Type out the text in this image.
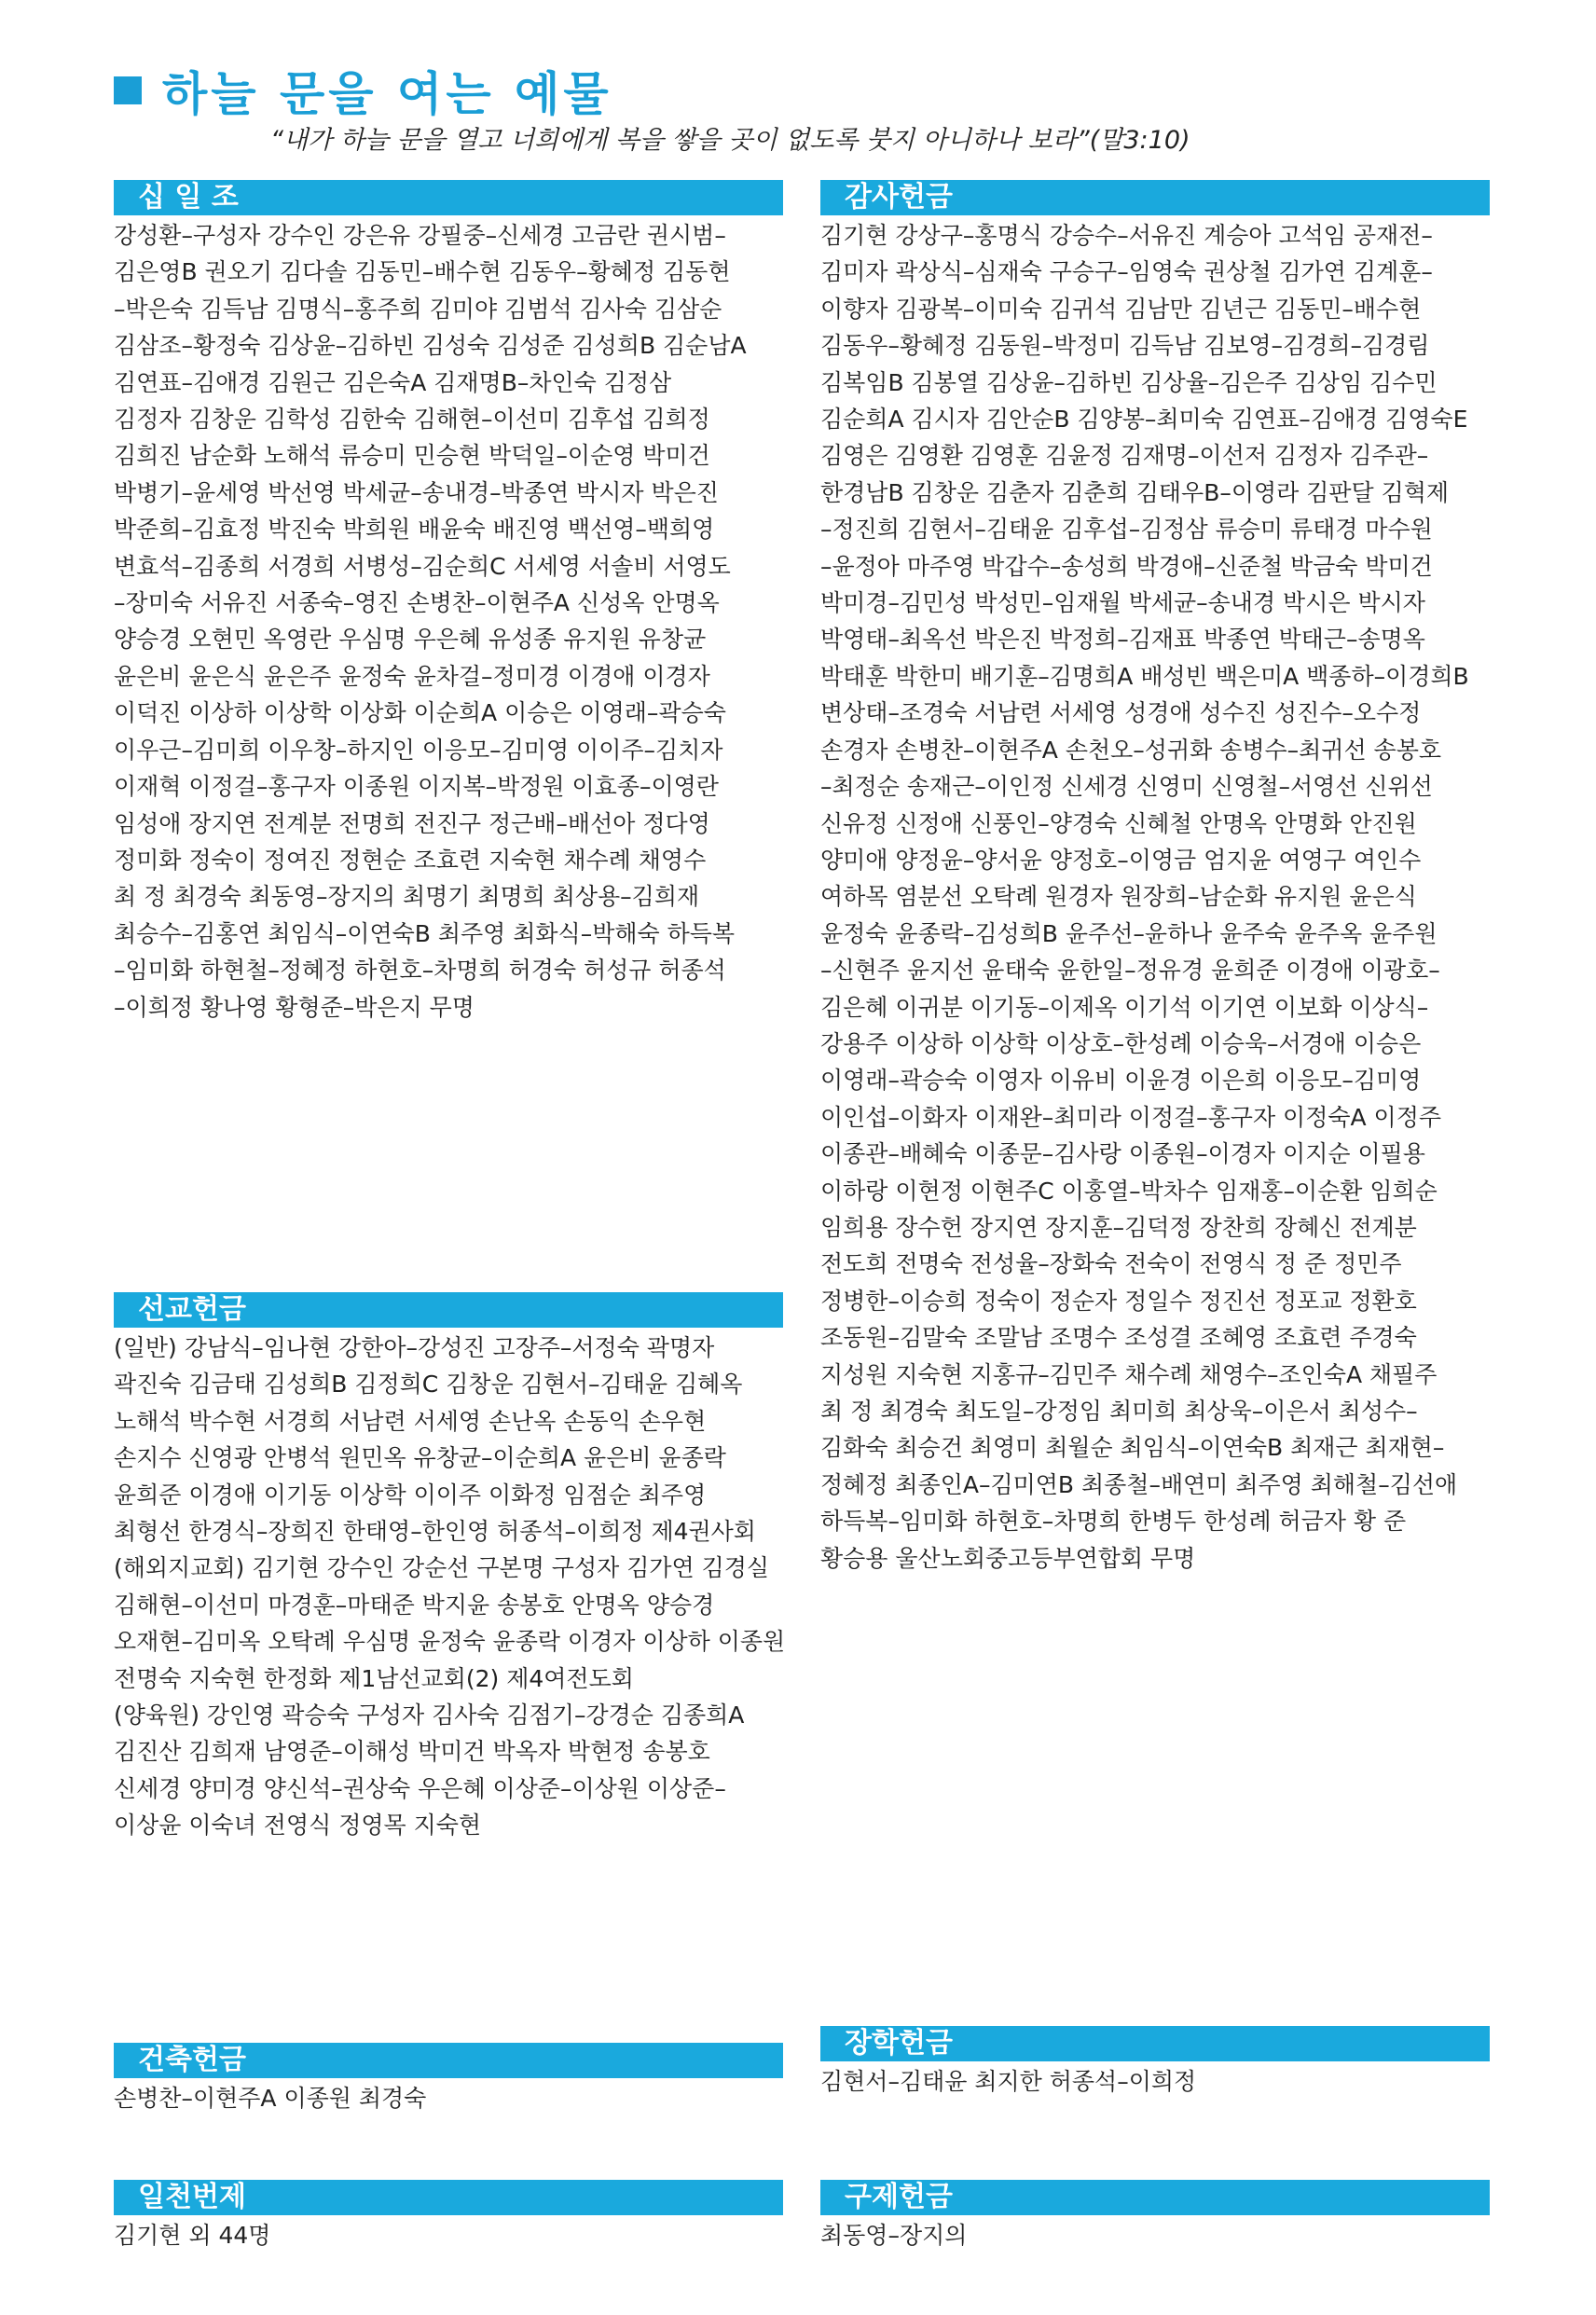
하늘 문을 여는 예물
“내가 하늘 문을 열고 너희에게 복을 쌓을 곳이 없도록 붓지 아니하나 보라”(말3:10)
십 일 조
강성환–구성자 강수인 강은유 강필중–신세경 고금란 권시범–
김은영B 권오기 김다솔 김동민–배수현 김동우–황혜정 김동현
–박은숙 김득남 김명식–홍주희 김미야 김범석 김사숙 김삼순
김삼조–황정숙 김상윤–김하빈 김성숙 김성준 김성희B 김순남A
김연표–김애경 김원근 김은숙A 김재명B–차인숙 김정삼
김정자 김창운 김학성 김한숙 김해현–이선미 김후섭 김희정
김희진 남순화 노해석 류승미 민승현 박덕일–이순영 박미건
박병기–윤세영 박선영 박세균–송내경–박종연 박시자 박은진
박준희–김효정 박진숙 박희원 배윤숙 배진영 백선영–백희영
변효석–김종희 서경희 서병성–김순희C 서세영 서솔비 서영도
–장미숙 서유진 서종숙–영진 손병찬–이현주A 신성옥 안명옥
양승경 오현민 옥영란 우심명 우은혜 유성종 유지원 유창균
윤은비 윤은식 윤은주 윤정숙 윤차걸–정미경 이경애 이경자
이덕진 이상하 이상학 이상화 이순희A 이승은 이영래–곽승숙
이우근–김미희 이우창–하지인 이응모–김미영 이이주–김치자
이재혁 이정걸–홍구자 이종원 이지복–박정원 이효종–이영란
임성애 장지연 전계분 전명희 전진구 정근배–배선아 정다영
정미화 정숙이 정여진 정현순 조효련 지숙현 채수례 채영수
최 정 최경숙 최동영–장지의 최명기 최명희 최상용–김희재
최승수–김홍연 최임식–이연숙B 최주영 최화식–박해숙 하득복
–임미화 하현철–정혜정 하현호–차명희 허경숙 허성규 허종석
–이희정 황나영 황형준–박은지 무명
감사헌금
김기현 강상구–홍명식 강승수–서유진 계승아 고석임 공재전–
김미자 곽상식–심재숙 구승구–임영숙 권상철 김가연 김계훈–
이향자 김광복–이미숙 김귀석 김남만 김년근 김동민–배수현
김동우–황혜정 김동원–박정미 김득남 김보영–김경희–김경림
김복임B 김봉열 김상윤–김하빈 김상율–김은주 김상임 김수민
김순희A 김시자 김안순B 김양봉–최미숙 김연표–김애경 김영숙E
김영은 김영환 김영훈 김윤정 김재명–이선저 김정자 김주관–
한경남B 김창운 김춘자 김춘희 김태우B–이영라 김판달 김혁제
–정진희 김현서–김태윤 김후섭–김정삼 류승미 류태경 마수원
–윤정아 마주영 박갑수–송성희 박경애–신준철 박금숙 박미건
박미경–김민성 박성민–임재월 박세균–송내경 박시은 박시자
박영태–최옥선 박은진 박정희–김재표 박종연 박태근–송명옥
박태훈 박한미 배기훈–김명희A 배성빈 백은미A 백종하–이경희B
변상태–조경숙 서남련 서세영 성경애 성수진 성진수–오수정
손경자 손병찬–이현주A 손천오–성귀화 송병수–최귀선 송봉호
–최정순 송재근–이인정 신세경 신영미 신영철–서영선 신위선
신유정 신정애 신풍인–양경숙 신혜철 안명옥 안명화 안진원
양미애 양정윤–양서윤 양정호–이영금 엄지윤 여영구 여인수
여하목 염분선 오탁례 원경자 원장희–남순화 유지원 윤은식
윤정숙 윤종락–김성희B 윤주선–윤하나 윤주숙 윤주옥 윤주원
–신현주 윤지선 윤태숙 윤한일–정유경 윤희준 이경애 이광호–
김은혜 이귀분 이기동–이제옥 이기석 이기연 이보화 이상식–
강용주 이상하 이상학 이상호–한성례 이승욱–서경애 이승은
이영래–곽승숙 이영자 이유비 이윤경 이은희 이응모–김미영
이인섭–이화자 이재완–최미라 이정걸–홍구자 이정숙A 이정주
이종관–배혜숙 이종문–김사랑 이종원–이경자 이지순 이필용
이하랑 이현정 이현주C 이홍열–박차수 임재홍–이순환 임희순
임희용 장수헌 장지연 장지훈–김덕정 장찬희 장혜신 전계분
전도희 전명숙 전성율–장화숙 전숙이 전영식 정 준 정민주
정병한–이승희 정숙이 정순자 정일수 정진선 정포교 정환호
조동원–김말숙 조말남 조명수 조성결 조혜영 조효련 주경숙
지성원 지숙현 지홍규–김민주 채수례 채영수–조인숙A 채필주
최 정 최경숙 최도일–강정임 최미희 최상욱–이은서 최성수–
김화숙 최승건 최영미 최월순 최임식–이연숙B 최재근 최재현–
정혜정 최종인A–김미연B 최종철–배연미 최주영 최해철–김선애
하득복–임미화 하현호–차명희 한병두 한성례 허금자 황 준
황승용 울산노회중고등부연합회 무명
선교헌금
(일반) 강남식–임나현 강한아–강성진 고장주–서정숙 곽명자
곽진숙 김금태 김성희B 김정희C 김창운 김현서–김태윤 김혜옥
노해석 박수현 서경희 서남련 서세영 손난옥 손동익 손우현
손지수 신영광 안병석 원민옥 유창균–이순희A 윤은비 윤종락
윤희준 이경애 이기동 이상학 이이주 이화정 임점순 최주영
최형선 한경식–장희진 한태영–한인영 허종석–이희정 제4권사회
(해외지교회) 김기현 강수인 강순선 구본명 구성자 김가연 김경실
김해현–이선미 마경훈–마태준 박지윤 송봉호 안명옥 양승경
오재현–김미옥 오탁례 우심명 윤정숙 윤종락 이경자 이상하 이종원
전명숙 지숙현 한정화 제1남선교회(2) 제4여전도회
(양육원) 강인영 곽승숙 구성자 김사숙 김점기–강경순 김종희A
김진산 김희재 남영준–이해성 박미건 박옥자 박현정 송봉호
신세경 양미경 양신석–권상숙 우은혜 이상준–이상원 이상준–
이상윤 이숙녀 전영식 정영목 지숙현
건축헌금
손병찬–이현주A 이종원 최경숙
장학헌금
김현서–김태윤 최지한 허종석–이희정
일천번제
김기현 외 44명
구제헌금
최동영–장지의
